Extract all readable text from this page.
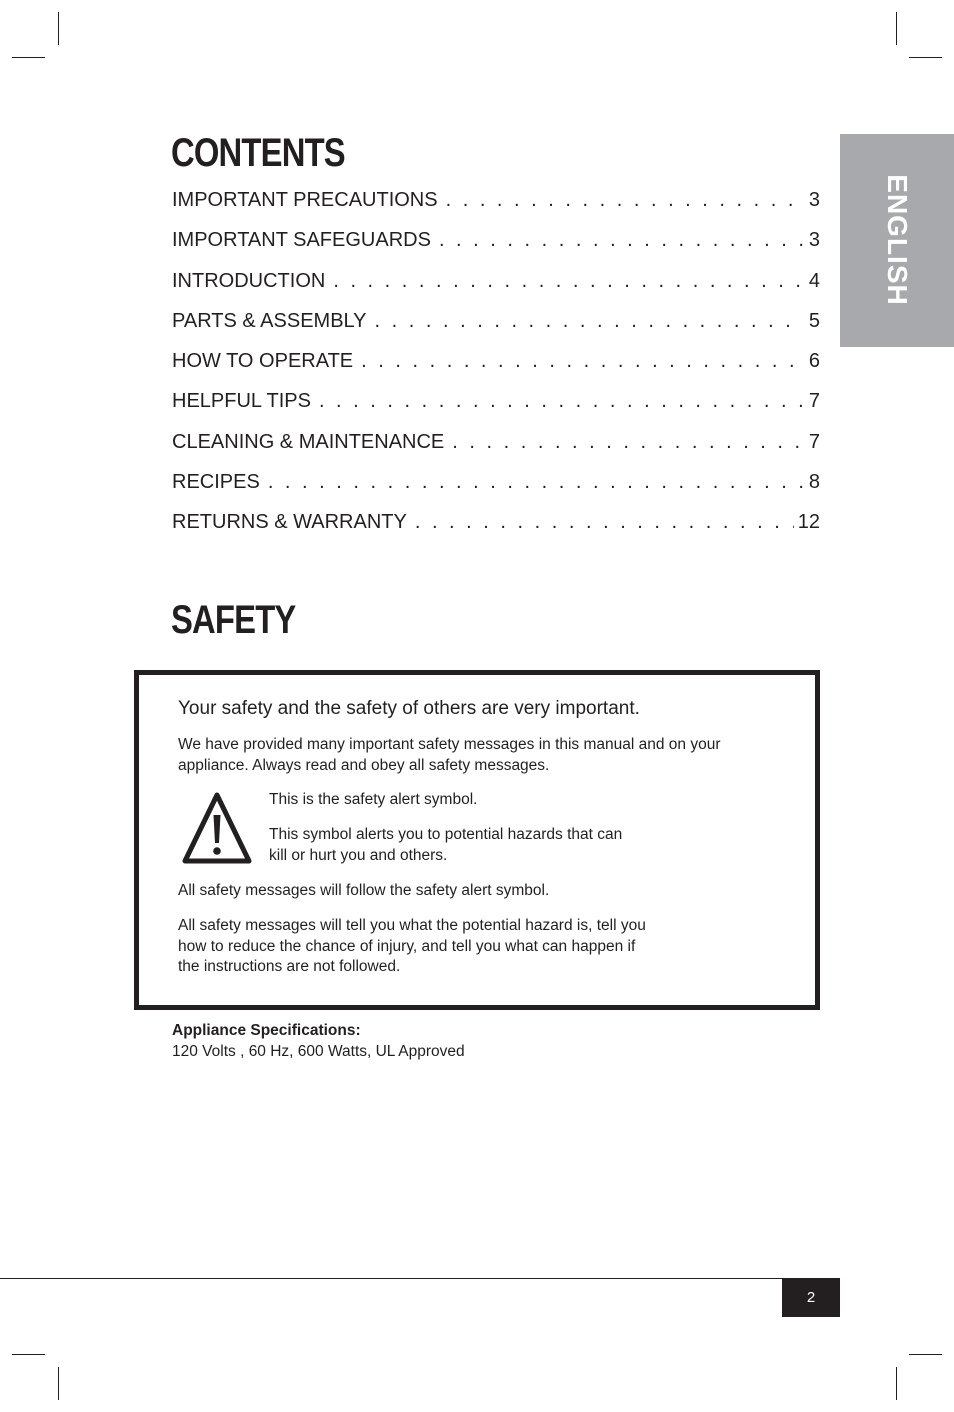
ENGLISH
CONTENTS
IMPORTANT PRECAUTIONS . . .	3
IMPORTANT SAFEGUARDS . . .	3
INTRODUCTION . . .	4
PARTS & ASSEMBLY . . .	5
HOW TO OPERATE . . .	6
HELPFUL TIPS . . .	7
CLEANING & MAINTENANCE . . .	7
RECIPES . . .	8
RETURNS & WARRANTY . . .	12
SAFETY

Your safety and the safety of others are very important.

We have provided many important safety messages in this manual and on your appliance. Always read and obey all safety messages.

This is the safety alert symbol.

This symbol alerts you to potential hazards that can kill or hurt you and others.

All safety messages will follow the safety alert symbol.

All safety messages will tell you what the potential hazard is, tell you how to reduce the chance of injury, and tell you what can happen if the instructions are not followed.

Appliance Specifications:
120 Volts , 60 Hz, 600 Watts, UL Approved
2
